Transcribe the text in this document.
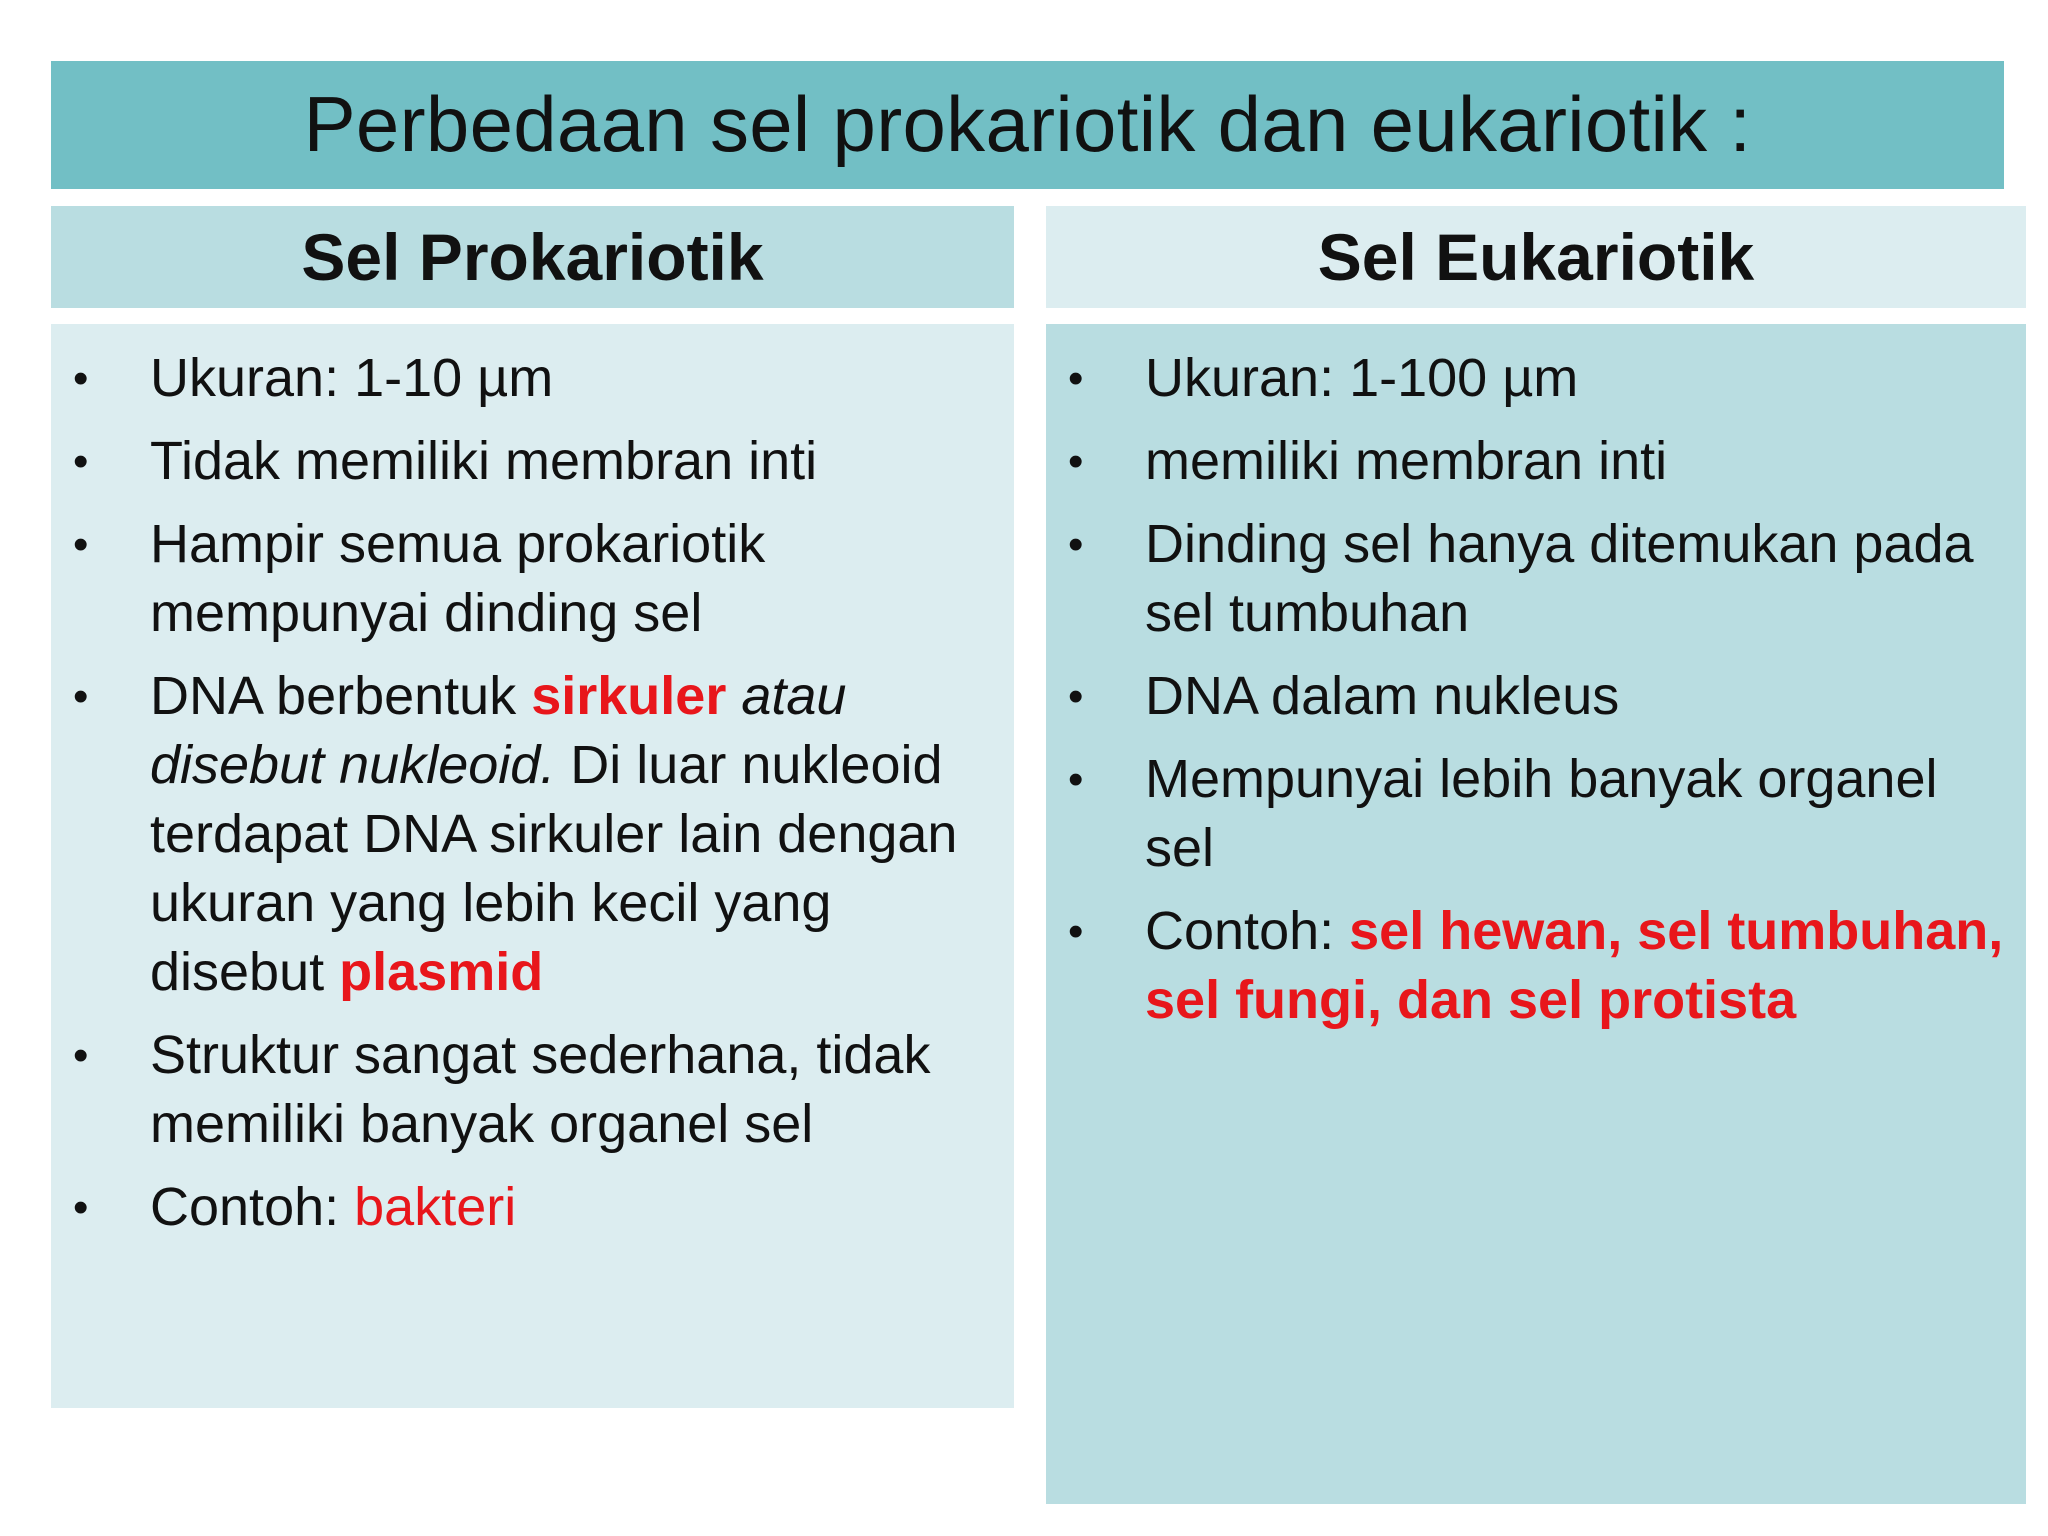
Perbedaan sel prokariotik dan eukariotik :
Sel Prokariotik	Sel Eukariotik
• Ukuran: 1-10 µm
• Tidak memiliki membran inti
• Hampir semua prokariotik mempunyai dinding sel
• DNA berbentuk sirkuler atau disebut nukleoid. Di luar nukleoid terdapat DNA sirkuler lain dengan ukuran yang lebih kecil yang disebut plasmid
• Struktur sangat sederhana, tidak memiliki banyak organel sel
• Contoh: bakteri
• Ukuran: 1-100 µm
• memiliki membran inti
• Dinding sel hanya ditemukan pada sel tumbuhan
• DNA dalam nukleus
• Mempunyai lebih banyak organel sel
• Contoh: sel hewan, sel tumbuhan, sel fungi, dan sel protista
